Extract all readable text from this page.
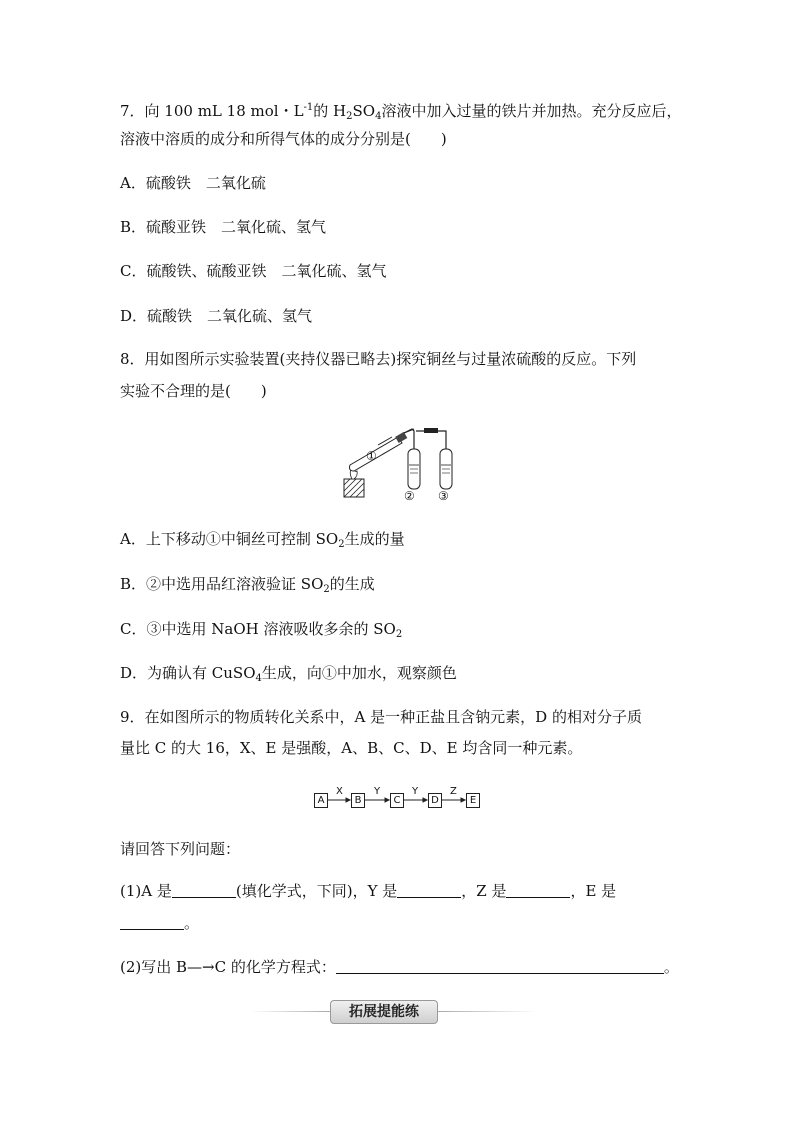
7．向 100 mL 18 mol・$L^{-1}$的 $H_2SO_4$溶液中加入过量的铁片并加热。充分反应后，
溶液中溶质的成分和所得气体的成分分别是(　　)
A．硫酸铁　二氧化硫
B．硫酸亚铁　二氧化硫、氢气
C．硫酸铁、硫酸亚铁　二氧化硫、氢气
D．硫酸铁　二氧化硫、氢气
8．用如图所示实验装置(夹持仪器已略去)探究铜丝与过量浓硫酸的反应。下列
实验不合理的是(　　)
①
② ③
A．上下移动①中铜丝可控制 $SO_2$生成的量
B．②中选用品红溶液验证 $SO_2$的生成
C．③中选用 NaOH 溶液吸收多余的 $SO_2$
D．为确认有 CuSO$_4$生成，向①中加水，观察颜色
9．在如图所示的物质转化关系中，A 是一种正盐且含钠元素，D 的相对分子质
量比 C 的大 16，X、E 是强酸，A、B、C、D、E 均含同一种元素。
A	B	C	D	E
X	Y	Y	Z
请回答下列问题：
(1)A 是	(填化学式，下同)，Y 是	，Z 是	，E 是
。
(2)写出 B—→C 的化学方程式：	。
拓展提能练
